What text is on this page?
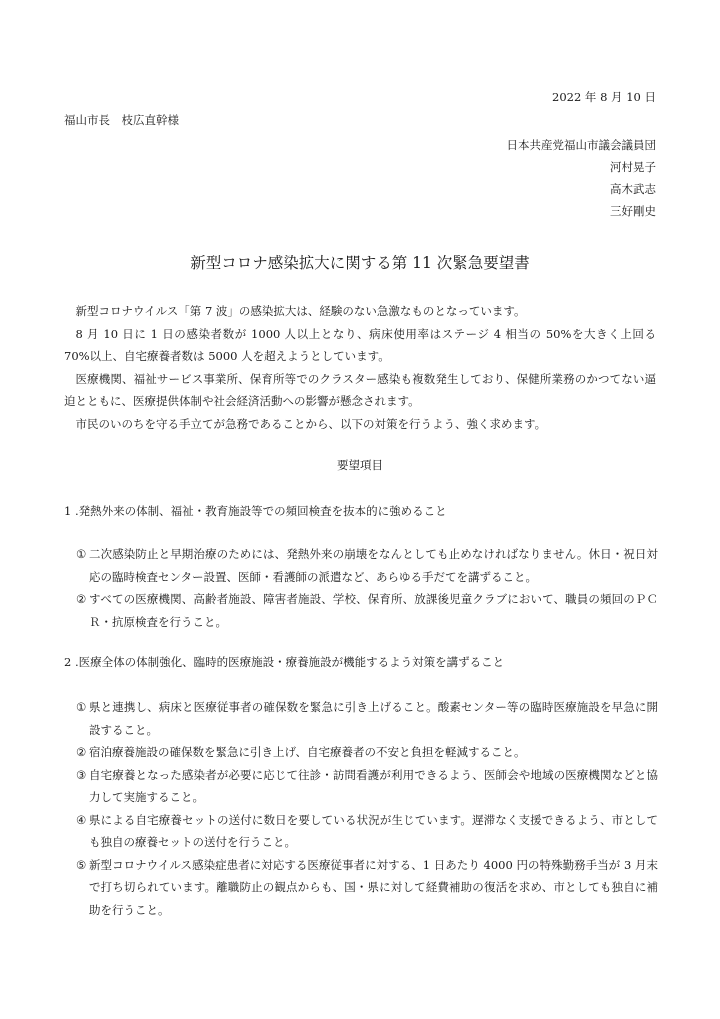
2022 年 8 月 10 日
福山市長　枝広直幹様
日本共産党福山市議会議員団
河村晃子
高木武志
三好剛史
新型コロナ感染拡大に関する第 11 次緊急要望書

新型コロナウイルス「第 7 波」の感染拡大は、経験のない急激なものとなっています。

8 月 10 日に 1 日の感染者数が 1000 人以上となり、病床使用率はステージ 4 相当の 50%を大きく上回る 70%以上、自宅療養者数は 5000 人を超えようとしています。

医療機関、福祉サービス事業所、保育所等でのクラスター感染も複数発生しており、保健所業務のかつてない逼迫とともに、医療提供体制や社会経済活動への影響が懸念されます。

市民のいのちを守る手立てが急務であることから、以下の対策を行うよう、強く求めます。

要望項目
1 .発熱外来の体制、福祉・教育施設等での頻回検査を抜本的に強めること
① 二次感染防止と早期治療のためには、発熱外来の崩壊をなんとしても止めなければなりません。休日・祝日対応の臨時検査センター設置、医師・看護師の派遣など、あらゆる手だてを講ずること。
② すべての医療機関、高齢者施設、障害者施設、学校、保育所、放課後児童クラブにおいて、職員の頻回のＰＣＲ・抗原検査を行うこと。
2 .医療全体の体制強化、臨時的医療施設・療養施設が機能するよう対策を講ずること
① 県と連携し、病床と医療従事者の確保数を緊急に引き上げること。酸素センター等の臨時医療施設を早急に開設すること。
② 宿泊療養施設の確保数を緊急に引き上げ、自宅療養者の不安と負担を軽減すること。
③ 自宅療養となった感染者が必要に応じて往診・訪問看護が利用できるよう、医師会や地域の医療機関などと協力して実施すること。
④ 県による自宅療養セットの送付に数日を要している状況が生じています。遅滞なく支援できるよう、市としても独自の療養セットの送付を行うこと。
⑤ 新型コロナウイルス感染症患者に対応する医療従事者に対する、1 日あたり 4000 円の特殊勤務手当が 3 月末で打ち切られています。離職防止の観点からも、国・県に対して経費補助の復活を求め、市としても独自に補助を行うこと。
